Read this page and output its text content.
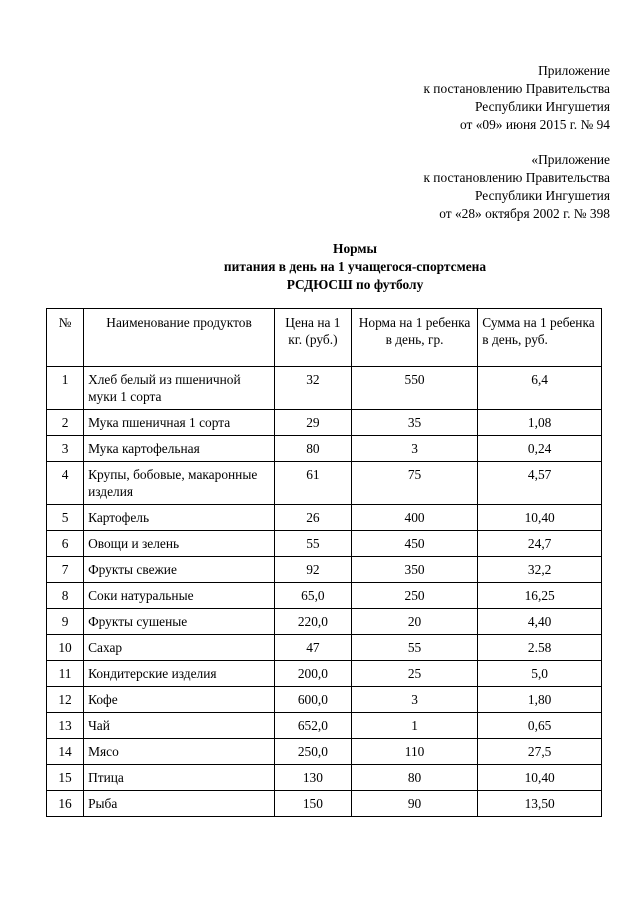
Приложение
к постановлению Правительства
Республики Ингушетия
от «09» июня 2015 г. № 94
«Приложение
к постановлению Правительства
Республики Ингушетия
от «28» октября 2002 г. № 398
Нормы
питания в день на 1 учащегося-спортсмена
РСДЮСШ по футболу
№	Наименование продуктов	Цена на 1 кг. (руб.)	Норма на 1 ребенка в день, гр.	Сумма на 1 ребенка в день, руб.
1	Хлеб белый из пшеничной муки 1 сорта	32	550	6,4
2	Мука пшеничная 1 сорта	29	35	1,08
3	Мука картофельная	80	3	0,24
4	Крупы, бобовые, макаронные изделия	61	75	4,57
5	Картофель	26	400	10,40
6	Овощи и зелень	55	450	24,7
7	Фрукты свежие	92	350	32,2
8	Соки натуральные	65,0	250	16,25
9	Фрукты сушеные	220,0	20	4,40
10	Сахар	47	55	2.58
11	Кондитерские изделия	200,0	25	5,0
12	Кофе	600,0	3	1,80
13	Чай	652,0	1	0,65
14	Мясо	250,0	110	27,5
15	Птица	130	80	10,40
16	Рыба	150	90	13,50
